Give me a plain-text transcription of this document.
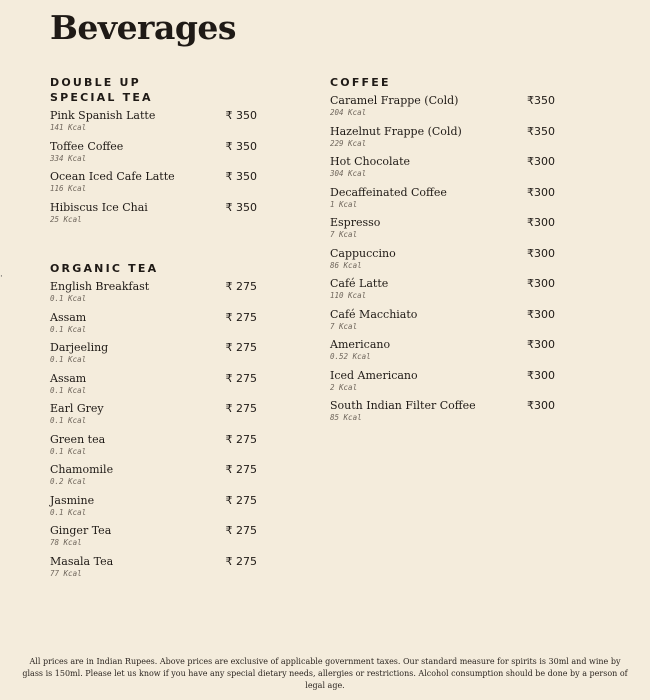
Beverages
DOUBLE UP SPECIAL TEA
Pink Spanish Latte
141 Kcal
₹ 350
Toffee Coffee
334 Kcal
₹ 350
Ocean Iced Cafe Latte
116 Kcal
₹ 350
Hibiscus Ice Chai
25 Kcal
₹ 350
ORGANIC TEA
English Breakfast
0.1 Kcal
₹ 275
Assam
0.1 Kcal
₹ 275
Darjeeling
0.1 Kcal
₹ 275
Assam
0.1 Kcal
₹ 275
Earl Grey
0.1 Kcal
₹ 275
Green tea
0.1 Kcal
₹ 275
Chamomile
0.2 Kcal
₹ 275
Jasmine
0.1 Kcal
₹ 275
Ginger Tea
78 Kcal
₹ 275
Masala Tea
77 Kcal
₹ 275
COFFEE
Caramel Frappe (Cold)
204 Kcal
₹350
Hazelnut Frappe (Cold)
229 Kcal
₹350
Hot Chocolate
304 Kcal
₹300
Decaffeinated Coffee
1 Kcal
₹300
Espresso
7 Kcal
₹300
Cappuccino
86 Kcal
₹300
Café Latte
110 Kcal
₹300
Café Macchiato
7 Kcal
₹300
Americano
0.52 Kcal
₹300
Iced Americano
2 Kcal
₹300
South Indian Filter Coffee
85 Kcal
₹300
·
All prices are in Indian Rupees. Above prices are exclusive of applicable government taxes. Our standard measure for spirits is 30ml and wine by glass is 150ml. Please let us know if you have any special dietary needs, allergies or restrictions. Alcohol consumption should be done by a person of legal age.
